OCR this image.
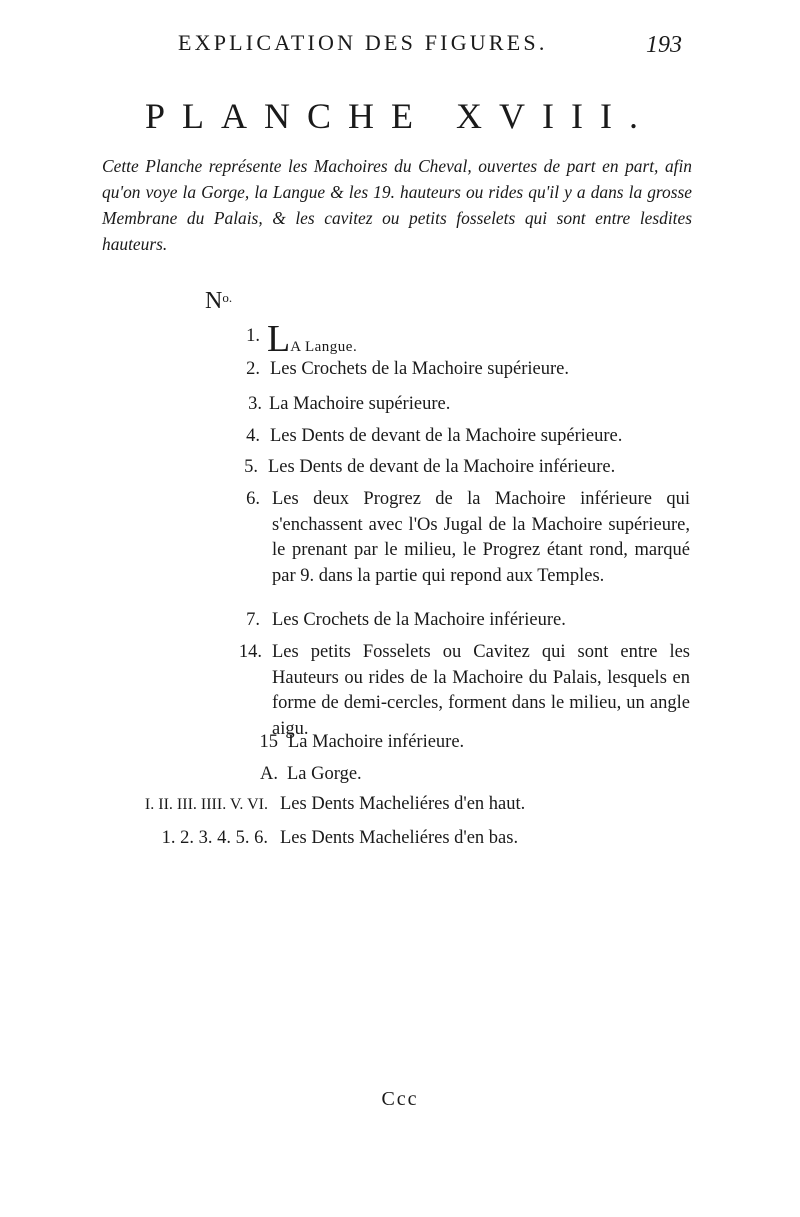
EXPLICATION DES FIGURES.	193
PLANCHE XVIII.

Cette Planche représente les Machoires du Cheval, ouvertes de part en part, afin qu'on voye la Gorge, la Langue & les 19. hauteurs ou rides qu'il y a dans la grosse Membrane du Palais, & les cavitez ou petits fosselets qui sont entre lesdites hauteurs.

$N^{o.}$
1. LA Langue.
2. Les Crochets de la Machoire supérieure.
3. La Machoire supérieure.
4. Les Dents de devant de la Machoire supérieure.
5. Les Dents de devant de la Machoire inférieure.
6. Les deux Progrez de la Machoire inférieure qui s'enchassent avec l'Os Jugal de la Machoire supérieure, le prenant par le milieu, le Progrez étant rond, marqué par 9. dans la partie qui repond aux Temples.
7. Les Crochets de la Machoire inférieure.
14. Les petits Fosselets ou Cavitez qui sont entre les Hauteurs ou rides de la Machoire du Palais, lesquels en forme de demi-cercles, forment dans le milieu, un angle aigu.
15 La Machoire inférieure.
A. La Gorge.
I. II. III. IIII. V. VI. Les Dents Macheliéres d'en haut.
1. 2. 3. 4. 5. 6. Les Dents Macheliéres d'en bas.
Ccc
